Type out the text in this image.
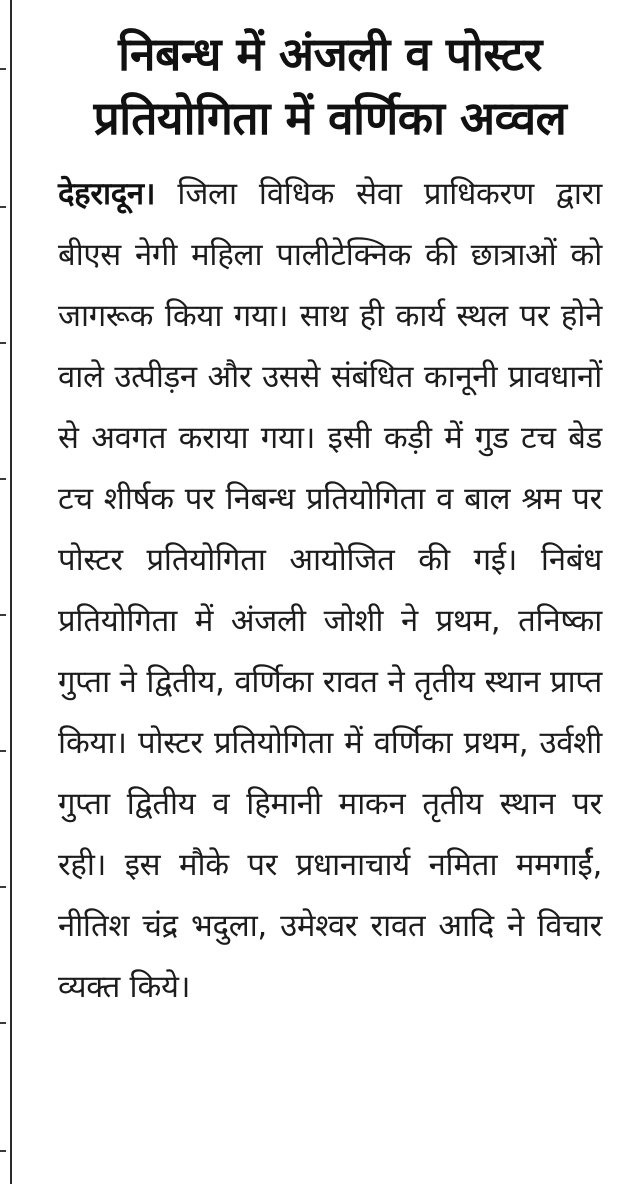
निबन्ध में अंजली व पोस्टर
प्रतियोगिता में वर्णिका अव्वल

देहरादून। जिला विधिक सेवा प्राधिकरण द्वारा बीएस नेगी महिला पालीटेक्निक की छात्राओं को जागरूक किया गया। साथ ही कार्य स्थल पर होने वाले उत्पीड़न और उससे संबंधित कानूनी प्रावधानों से अवगत कराया गया। इसी कड़ी में गुड टच बेड टच शीर्षक पर निबन्ध प्रतियोगिता व बाल श्रम पर पोस्टर प्रतियोगिता आयोजित की गई। निबंध प्रतियोगिता में अंजली जोशी ने प्रथम, तनिष्का गुप्ता ने द्वितीय, वर्णिका रावत ने तृतीय स्थान प्राप्त किया। पोस्टर प्रतियोगिता में वर्णिका प्रथम, उर्वशी गुप्ता द्वितीय व हिमानी माकन तृतीय स्थान पर रही। इस मौके पर प्रधानाचार्य नमिता ममगाईं, नीतिश चंद्र भदुला, उमेश्वर रावत आदि ने विचार व्यक्त किये।
